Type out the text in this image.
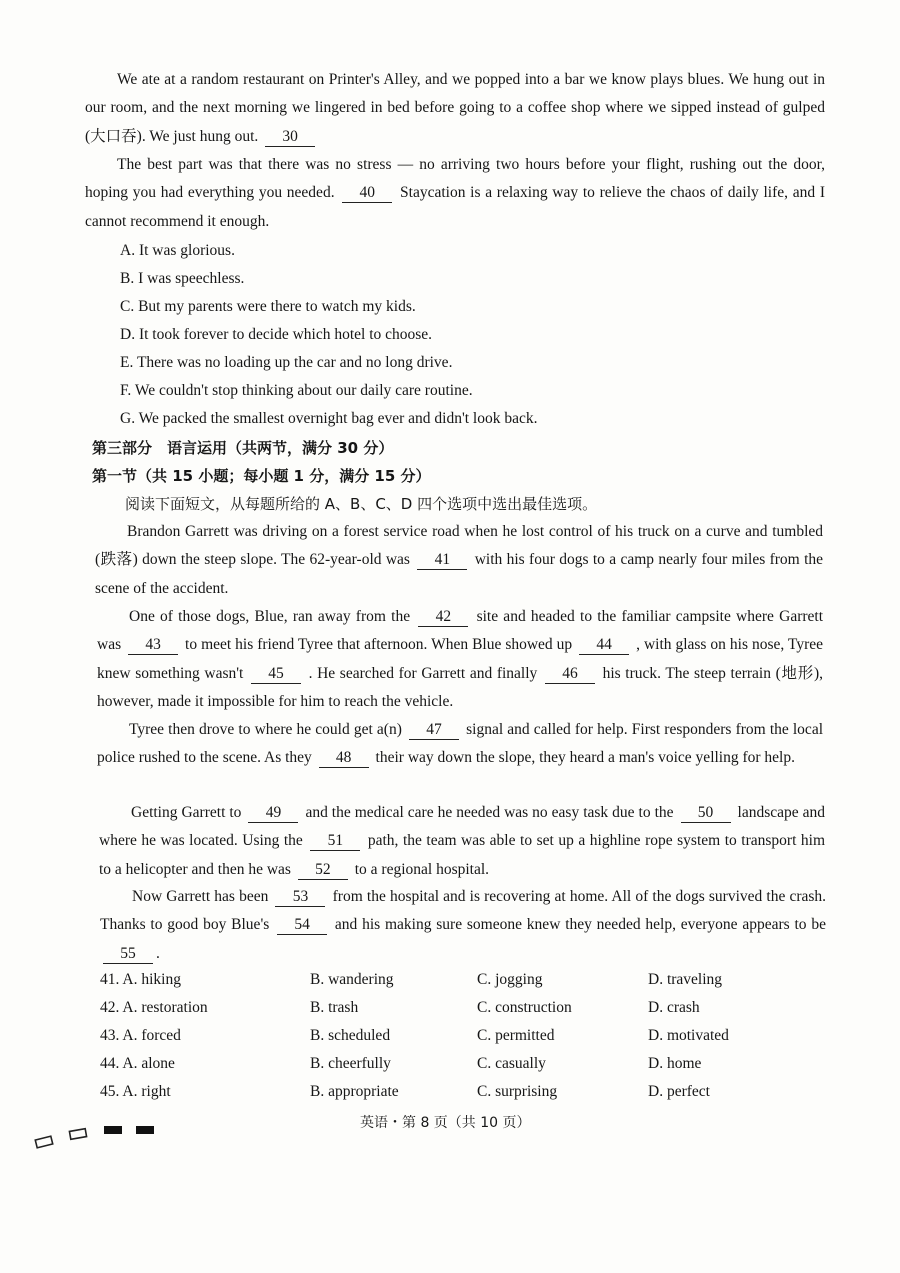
We ate at a random restaurant on Printer's Alley, and we popped into a bar we know plays blues. We hung out in our room, and the next morning we lingered in bed before going to a coffee shop where we sipped instead of gulped (大口吞). We just hung out. 30
The best part was that there was no stress — no arriving two hours before your flight, rushing out the door, hoping you had everything you needed. 40 Staycation is a relaxing way to relieve the chaos of daily life, and I cannot recommend it enough.
A. It was glorious.
B. I was speechless.
C. But my parents were there to watch my kids.
D. It took forever to decide which hotel to choose.
E. There was no loading up the car and no long drive.
F. We couldn't stop thinking about our daily care routine.
G. We packed the smallest overnight bag ever and didn't look back.
第三部分　语言运用（共两节，满分 30 分）
第一节（共 15 小题；每小题 1 分，满分 15 分）
阅读下面短文，从每题所给的 A、B、C、D 四个选项中选出最佳选项。
Brandon Garrett was driving on a forest service road when he lost control of his truck on a curve and tumbled (跌落) down the steep slope. The 62-year-old was 41 with his four dogs to a camp nearly four miles from the scene of the accident.
One of those dogs, Blue, ran away from the 42 site and headed to the familiar campsite where Garrett was 43 to meet his friend Tyree that afternoon. When Blue showed up 44 , with glass on his nose, Tyree knew something wasn't 45 . He searched for Garrett and finally 46 his truck. The steep terrain (地形), however, made it impossible for him to reach the vehicle.
Tyree then drove to where he could get a(n) 47 signal and called for help. First responders from the local police rushed to the scene. As they 48 their way down the slope, they heard a man's voice yelling for help.
Getting Garrett to 49 and the medical care he needed was no easy task due to the 50 landscape and where he was located. Using the 51 path, the team was able to set up a highline rope system to transport him to a helicopter and then he was 52 to a regional hospital.
Now Garrett has been 53 from the hospital and is recovering at home. All of the dogs survived the crash. Thanks to good boy Blue's 54 and his making sure someone knew they needed help, everyone appears to be 55 .
41. A. hiking	B. wandering	C. jogging	D. traveling
42. A. restoration	B. trash	C. construction	D. crash
43. A. forced	B. scheduled	C. permitted	D. motivated
44. A. alone	B. cheerfully	C. casually	D. home
45. A. right	B. appropriate	C. surprising	D. perfect
英语・第 8 页（共 10 页）
